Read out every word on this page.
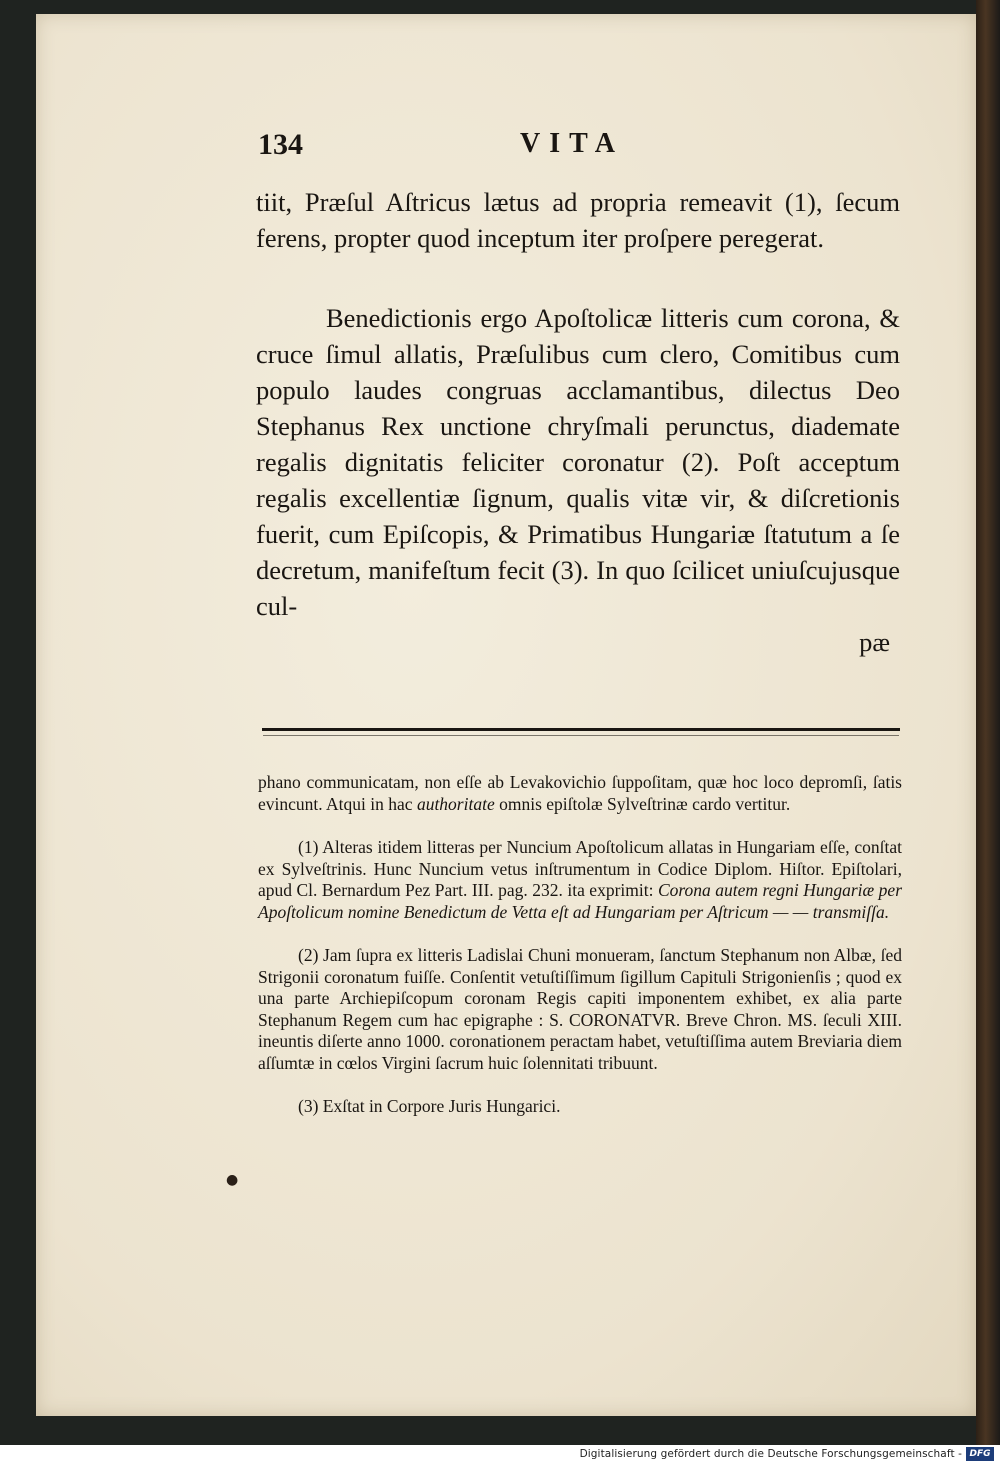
134	VITA

tiit, Præſul Aſtricus lætus ad propria remeavit (1), ſecum ferens, propter quod inceptum iter proſpere peregerat.

Benedictionis ergo Apoſtolicæ litteris cum corona, & cruce ſimul allatis, Præſulibus cum clero, Comitibus cum populo laudes congruas acclamantibus, dilectus Deo Stephanus Rex unctione chryſmali perunctus, diademate regalis dignitatis feliciter coronatur (2). Poſt acceptum regalis excellentiæ ſignum, qualis vitæ vir, & diſcretionis fuerit, cum Epiſcopis, & Primatibus Hungariæ ſtatutum a ſe decretum, manifeſtum fecit (3). In quo ſcilicet uniuſcujusque cul-

pæ

phano communicatam, non eſſe ab Levakovichio ſuppoſitam, quæ hoc loco depromſi, ſatis evincunt. Atqui in hac authoritate omnis epiſtolæ Sylveſtrinæ cardo vertitur.

(1) Alteras itidem litteras per Nuncium Apoſtolicum allatas in Hungariam eſſe, conſtat ex Sylveſtrinis. Hunc Nuncium vetus inſtrumentum in Codice Diplom. Hiſtor. Epiſtolari, apud Cl. Bernardum Pez Part. III. pag. 232. ita exprimit: Corona autem regni Hungariæ per Apoſtolicum nomine Benedictum de Vetta eſt ad Hungariam per Aſtricum — — transmiſſa.

(2) Jam ſupra ex litteris Ladislai Chuni monueram, ſanctum Stephanum non Albæ, ſed Strigonii coronatum fuiſſe. Conſentit vetuſtiſſimum ſigillum Capituli Strigonienſis ; quod ex una parte Archiepiſcopum coronam Regis capiti imponentem exhibet, ex alia parte Stephanum Regem cum hac epigraphe : S. CORONATVR. Breve Chron. MS. ſeculi XIII. ineuntis diſerte anno 1000. coronationem peractam habet, vetuſtiſſima autem Breviaria diem aſſumtæ in cœlos Virgini ſacrum huic ſolennitati tribuunt.

(3) Exſtat in Corpore Juris Hungarici.

●
Digitalisierung gefördert durch die Deutsche Forschungsgemeinschaft - DFG
